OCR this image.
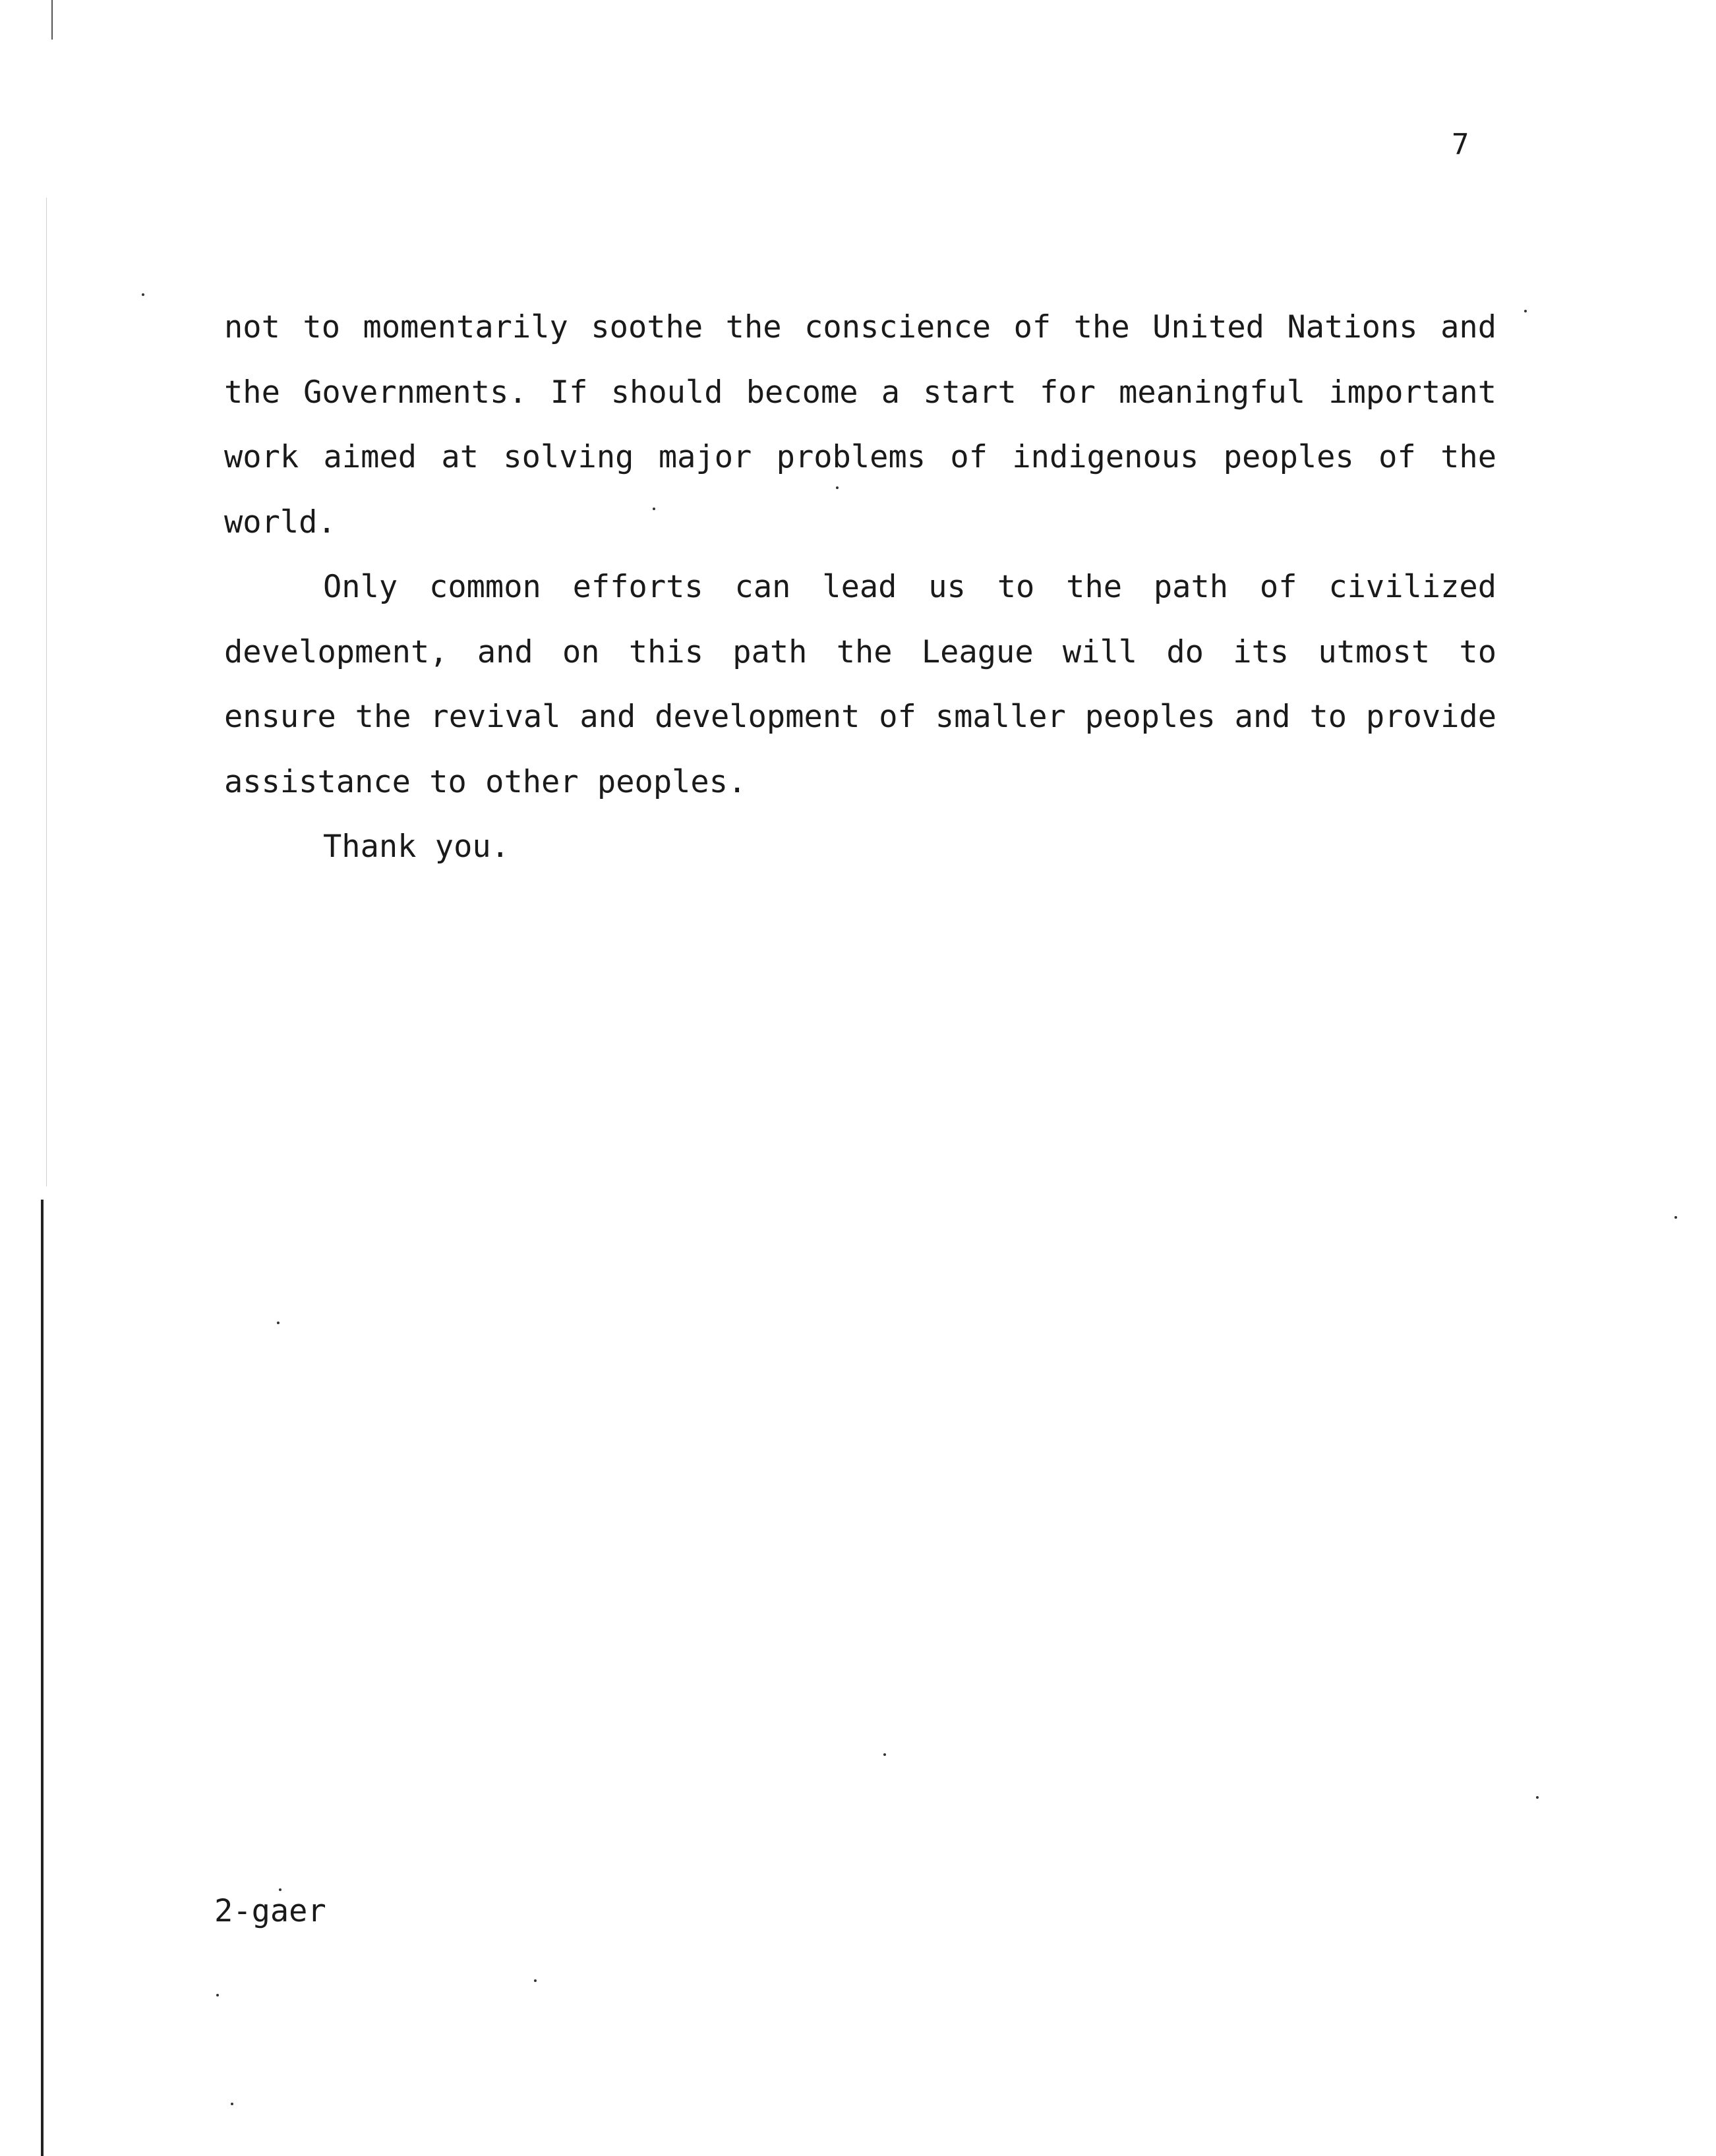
7

not to momentarily soothe the conscience of the United Nations and the Governments. If should become a start for meaningful important work aimed at solving major problems of indigenous peoples of the world.

Only common efforts can lead us to the path of civilized development, and on this path the League will do its utmost to ensure the revival and development of smaller peoples and to provide assistance to other peoples.

Thank you.

2-gaer
